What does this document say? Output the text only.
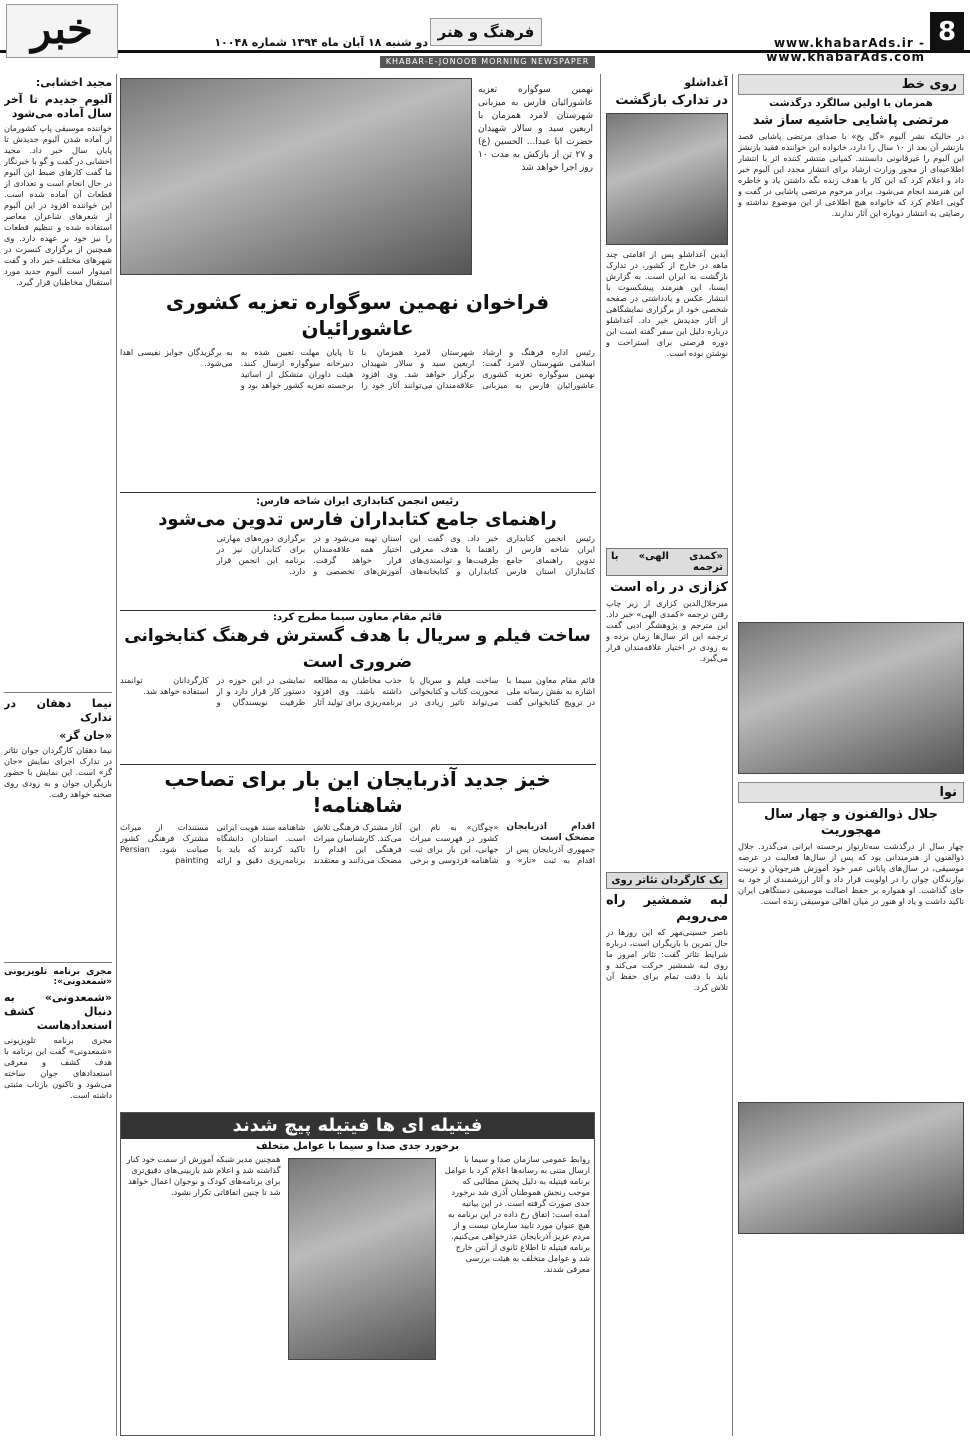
خبر	دو شنبه ۱۸ آبان ماه ۱۳۹۴ شماره ۱۰۰۴۸
فرهنگ و هنر
www.khabarAds.ir - www.khabarAds.com
8
KHABAR-E-JONOOB MORNING NEWSPAPER
روی خط
همزمان با اولین سالگرد درگذشت
مرتضی پاشایی حاشیه ساز شد
در حالیکه نشر آلبوم «گل یخ» با صدای مرتضی پاشایی قصد بازنشر آن بعد از ۱۰ سال را دارد، خانواده این خواننده فقید بازنشر این آلبوم را غیرقانونی دانستند. کمپانی منتشر کننده اثر با انتشار اطلاعیه‌ای از مجوز وزارت ارشاد برای انتشار مجدد این آلبوم خبر داد و اعلام کرد که این کار با هدف زنده نگه داشتن یاد و خاطره این هنرمند انجام می‌شود. برادر مرحوم مرتضی پاشایی در گفت و گویی اعلام کرد که خانواده هیچ اطلاعی از این موضوع نداشته و رضایتی به انتشار دوباره این آثار ندارند.
نوا
جلال ذوالفنون و چهار سال مهجوریت
چهار سال از درگذشت سه‌تارنواز برجسته ایرانی می‌گذرد. جلال ذوالفنون از هنرمندانی بود که پس از سال‌ها فعالیت در عرصه موسیقی، در سال‌های پایانی عمر خود آموزش هنرجویان و تربیت نوازندگان جوان را در اولویت قرار داد و آثار ارزشمندی از خود به جای گذاشت. او همواره بر حفظ اصالت موسیقی دستگاهی ایران تاکید داشت و یاد او هنوز در میان اهالی موسیقی زنده است.
آغداشلو
در تدارک بازگشت
آیدین آغداشلو پس از اقامتی چند ماهه در خارج از کشور، در تدارک بازگشت به ایران است. به گزارش ایسنا، این هنرمند پیشکسوت با انتشار عکس و یادداشتی در صفحه شخصی خود از برگزاری نمایشگاهی از آثار جدیدش خبر داد. آغداشلو درباره دلیل این سفر گفته است این دوره فرصتی برای استراحت و نوشتن بوده است.
«کمدی الهی» با ترجمه
کزازی در راه است
میرجلال‌الدین کزازی از زیر چاپ رفتن ترجمه «کمدی الهی» خبر داد. این مترجم و پژوهشگر ادبی گفت ترجمه این اثر سال‌ها زمان برده و به زودی در اختیار علاقه‌مندان قرار می‌گیرد.
یک کارگردان تئاتر روی
لبه شمشیر راه می‌رویم
ناصر حسینی‌مهر که این روزها در حال تمرین با بازیگران است، درباره شرایط تئاتر گفت: تئاتر امروز ما روی لبه شمشیر حرکت می‌کند و باید با دقت تمام برای حفظ آن تلاش کرد.
نهمین سوگواره تعزیه عاشورائیان فارس به میزبانی شهرستان لامرد همزمان با اربعین سید و سالار شهیدان حضرت ابا عبدا... الحسین (ع) و ۲۷ تن از بازکش به مدت ۱۰ روز اجرا خواهد شد
فراخوان نهمین سوگواره تعزیه کشوری عاشورائیان
رئیس اداره فرهنگ و ارشاد اسلامی شهرستان لامرد گفت: نهمین سوگواره تعزیه کشوری عاشورائیان فارس به میزبانی شهرستان لامرد همزمان با اربعین سید و سالار شهیدان برگزار خواهد شد. وی افزود علاقه‌مندان می‌توانند آثار خود را تا پایان مهلت تعیین شده به دبیرخانه سوگواره ارسال کنند. هیئت داوران متشکل از اساتید برجسته تعزیه کشور خواهد بود و به برگزیدگان جوایز نفیسی اهدا می‌شود.
رئیس انجمن کتابداری ایران شاخه فارس:
راهنمای جامع کتابداران فارس تدوین می‌شود
رئیس انجمن کتابداری ایران شاخه فارس از تدوین راهنمای جامع کتابداران استان فارس خبر داد. وی گفت این راهنما با هدف معرفی ظرفیت‌ها و توانمندی‌های کتابداران و کتابخانه‌های استان تهیه می‌شود و در اختیار همه علاقه‌مندان قرار خواهد گرفت. آموزش‌های تخصصی و برگزاری دوره‌های مهارتی برای کتابداران نیز در برنامه این انجمن قرار دارد.
قائم مقام معاون سیما مطرح کرد:
ساخت فیلم و سریال با هدف گسترش فرهنگ کتابخوانی ضروری است
قائم مقام معاون سیما با اشاره به نقش رسانه ملی در ترویج کتابخوانی گفت ساخت فیلم و سریال با محوریت کتاب و کتابخوانی می‌تواند تاثیر زیادی در جذب مخاطبان به مطالعه داشته باشد. وی افزود برنامه‌ریزی برای تولید آثار نمایشی در این حوزه در دستور کار قرار دارد و از ظرفیت نویسندگان و کارگردانان توانمند استفاده خواهد شد.
خیز جدید آذربایجان این بار برای تصاحب شاهنامه!
اقدام آذربایجان مضحک است
جمهوری آذربایجان پس از اقدام به ثبت «تار» و «چوگان» به نام این کشور در فهرست میراث جهانی، این بار برای ثبت شاهنامه فردوسی و برخی آثار مشترک فرهنگی تلاش می‌کند. کارشناسان میراث فرهنگی این اقدام را مضحک می‌دانند و معتقدند شاهنامه سند هویت ایرانی است. استادان دانشگاه تاکید کردند که باید با برنامه‌ریزی دقیق و ارائه مستندات از میراث مشترک فرهنگی کشور صیانت شود. Persian painting
فیتیله ای ها فیتیله پیچ شدند
برخورد جدی صدا و سیما با عوامل متخلف
روابط عمومی سازمان صدا و سیما با ارسال متنی به رسانه‌ها اعلام کرد با عوامل برنامه فیتیله به دلیل پخش مطالبی که موجب رنجش هموطنان آذری شد برخورد جدی صورت گرفته است. در این بیانیه آمده است: اتفاق رخ داده در این برنامه به هیچ عنوان مورد تایید سازمان نیست و از مردم عزیز آذربایجان عذرخواهی می‌کنیم. برنامه فیتیله تا اطلاع ثانوی از آنتن خارج شد و عوامل متخلف به هیئت بررسی معرفی شدند.
همچنین مدیر شبکه آموزش از سمت خود کنار گذاشته شد و اعلام شد بازبینی‌های دقیق‌تری برای برنامه‌های کودک و نوجوان اعمال خواهد شد تا چنین اتفاقاتی تکرار نشود.
مجید اخشابی:
آلبوم جدیدم تا آخر سال آماده می‌شود
خواننده موسیقی پاپ کشورمان از آماده شدن آلبوم جدیدش تا پایان سال خبر داد. مجید اخشابی در گفت و گو با خبرنگار ما گفت کارهای ضبط این آلبوم در حال انجام است و تعدادی از قطعات آن آماده شده است. این خواننده افزود در این آلبوم از شعرهای شاعران معاصر استفاده شده و تنظیم قطعات را نیز خود بر عهده دارد. وی همچنین از برگزاری کنسرت در شهرهای مختلف خبر داد و گفت امیدوار است آلبوم جدید مورد استقبال مخاطبان قرار گیرد.
نیما دهقان در تدارک
«جان گز»
نیما دهقان کارگردان جوان تئاتر در تدارک اجرای نمایش «جان گز» است. این نمایش با حضور بازیگران جوان و به زودی روی صحنه خواهد رفت.
مجری برنامه تلویزیونی «شمعدونی»:
«شمعدونی» به دنبال کشف استعدادهاست
مجری برنامه تلویزیونی «شمعدونی» گفت این برنامه با هدف کشف و معرفی استعدادهای جوان ساخته می‌شود و تاکنون بازتاب مثبتی داشته است.
